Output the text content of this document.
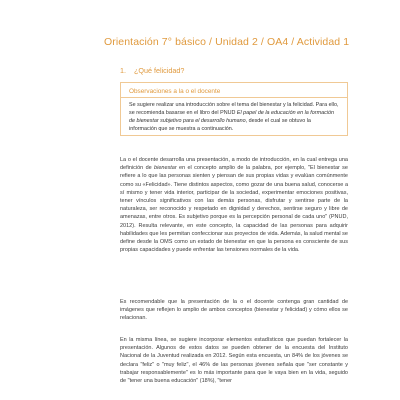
Orientación 7° básico / Unidad 2 / OA4 / Actividad 1
1. ¿Qué felicidad?
Observaciones a la o el docente
Se sugiere realizar una introducción sobre el tema del bienestar y la felicidad. Para ello, se recomienda basarse en el libro del PNUD El papel de la educación en la formación de bienestar subjetivo para el desarrollo humano, desde el cual se obtuvo la información que se muestra a continuación.
La o el docente desarrolla una presentación, a modo de introducción, en la cual entrega una definición de bienestar en el concepto amplio de la palabra, por ejemplo, "El bienestar se refiere a lo que las personas sienten y piensan de sus propias vidas y evalúan comúnmente como su «Felicidad». Tiene distintos aspectos, como gozar de una buena salud, conocerse a sí mismo y tener vida interior, participar de la sociedad, experimentar emociones positivas, tener vínculos significativos con las demás personas, disfrutar y sentirse parte de la naturaleza, ser reconocido y respetado en dignidad y derechos, sentirse seguro y libre de amenazas, entre otros. Es subjetivo porque es la percepción personal de cada uno" (PNUD, 2012). Resulta relevante, en este concepto, la capacidad de las personas para adquirir habilidades que les permitan confeccionar sus proyectos de vida. Además, la salud mental se define desde la OMS como un estado de bienestar en que la persona es consciente de sus propias capacidades y puede enfrentar las tensiones normales de la vida.
Es recomendable que la presentación de la o el docente contenga gran cantidad de imágenes que reflejen lo amplio de ambos conceptos (bienestar y felicidad) y cómo ellos se relacionan.
En la misma línea, se sugiere incorporar elementos estadísticos que puedan fortalecer la presentación. Algunos de estos datos se pueden obtener de la encuesta del Instituto Nacional de la Juventud realizada en 2012. Según esta encuesta, un 84% de los jóvenes se declara "feliz" o "muy feliz", el 46% de las personas jóvenes señala que "ser constante y trabajar responsablemente" es lo más importante para que le vaya bien en la vida, seguido de "tener una buena educación" (18%), "tener
